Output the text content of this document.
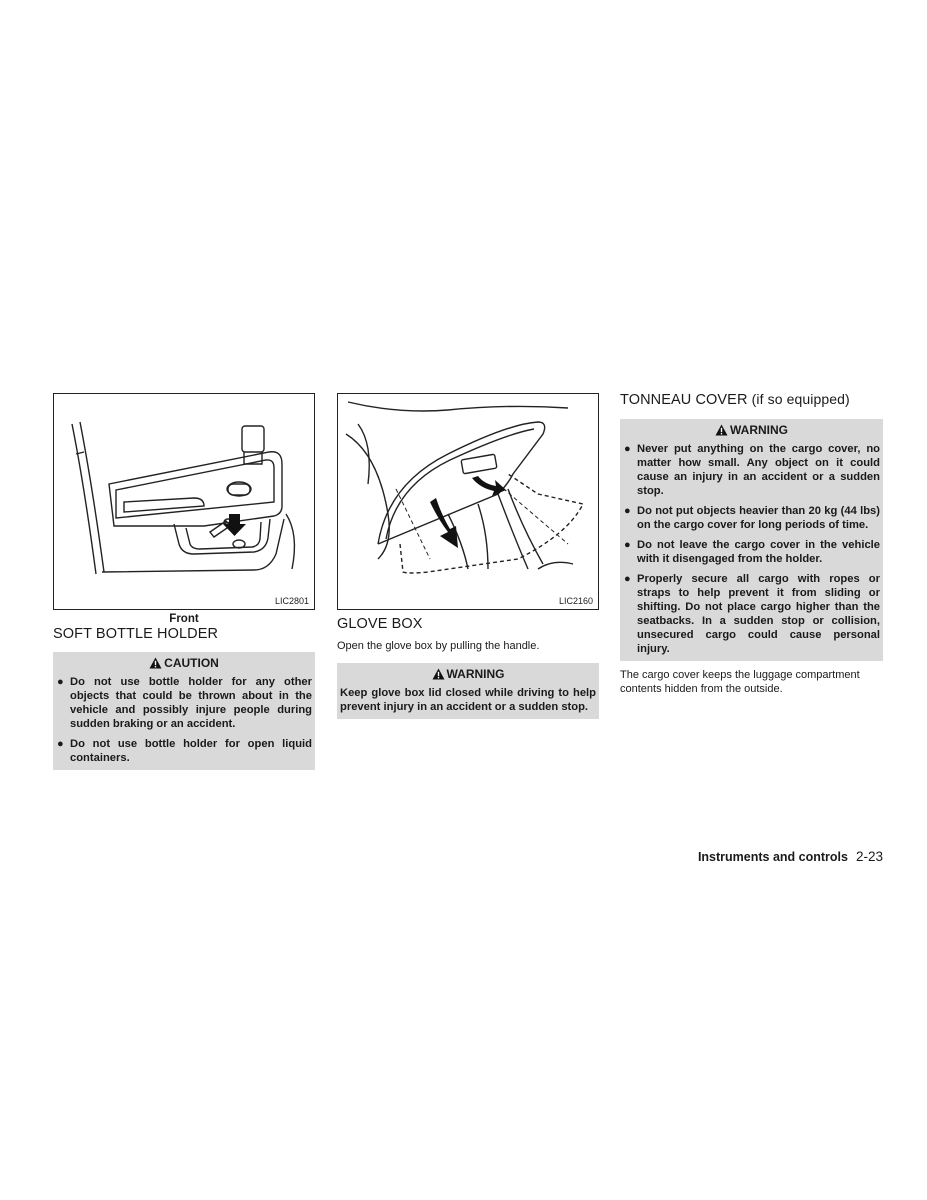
LIC2801
Front
SOFT BOTTLE HOLDER
CAUTION
● Do not use bottle holder for any other objects that could be thrown about in the vehicle and possibly injure people during sudden braking or an accident.
● Do not use bottle holder for open liquid containers.
LIC2160
GLOVE BOX

Open the glove box by pulling the handle.

WARNING

Keep glove box lid closed while driving to help prevent injury in an accident or a sudden stop.

TONNEAU COVER (if so equipped)
WARNING
● Never put anything on the cargo cover, no matter how small. Any object on it could cause an injury in an accident or a sudden stop.
● Do not put objects heavier than 20 kg (44 lbs) on the cargo cover for long periods of time.
● Do not leave the cargo cover in the vehicle with it disengaged from the holder.
● Properly secure all cargo with ropes or straps to help prevent it from sliding or shifting. Do not place cargo higher than the seatbacks. In a sudden stop or collision, unsecured cargo could cause personal injury.

The cargo cover keeps the luggage compartment contents hidden from the outside.

Instruments and controls 2-23
